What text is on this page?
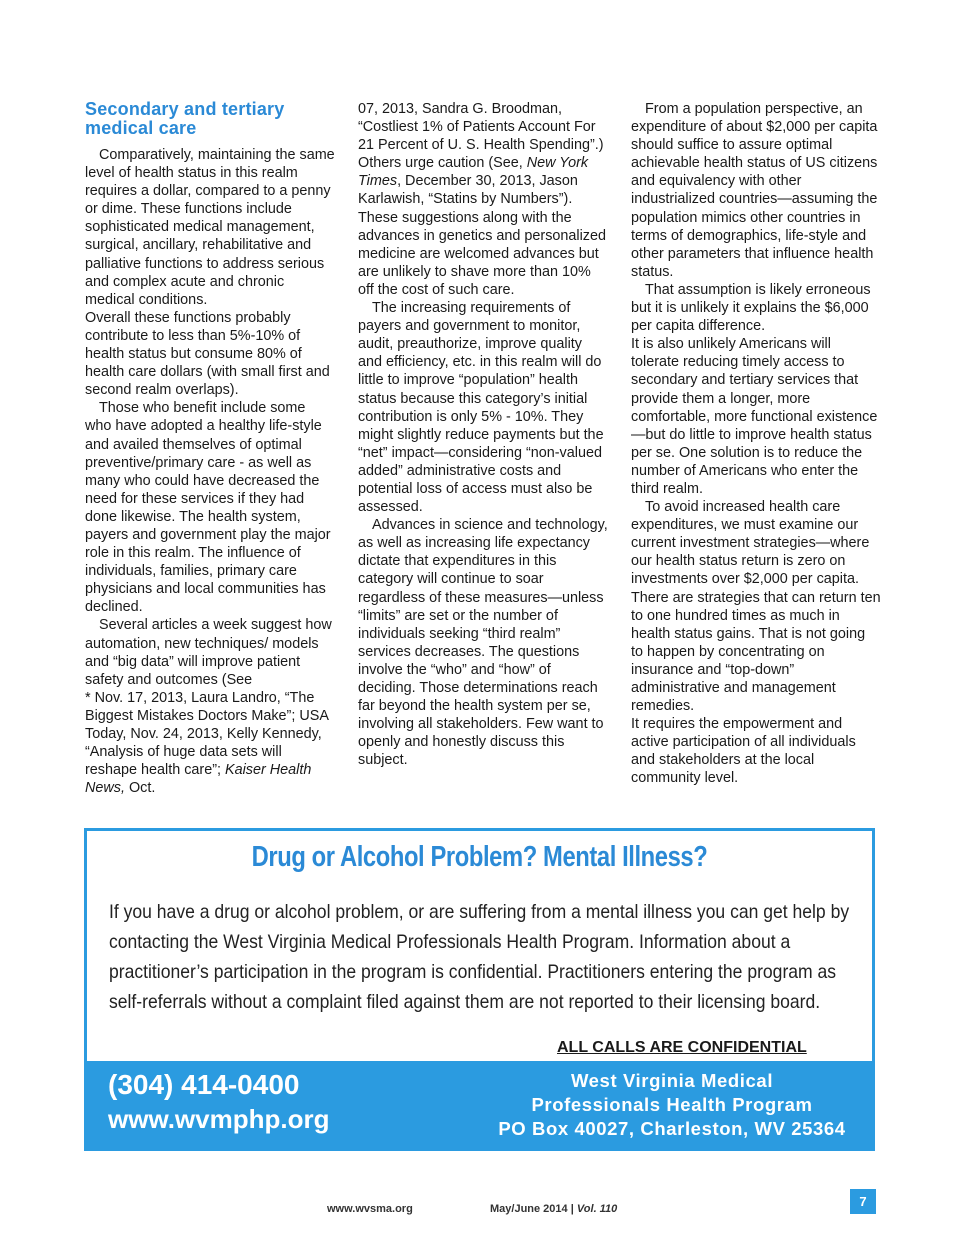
Secondary and tertiary medical care

Comparatively, maintaining the same level of health status in this realm requires a dollar, compared to a penny or dime. These functions include sophisticated medical management, surgical, ancillary, rehabilitative and palliative functions to address serious and complex acute and chronic medical conditions.

Overall these functions probably contribute to less than 5%-10% of health status but consume 80% of health care dollars (with small first and second realm overlaps).

Those who benefit include some who have adopted a healthy life-style and availed themselves of optimal preventive/primary care - as well as many who could have decreased the need for these services if they had done likewise. The health system, payers and government play the major role in this realm. The influence of individuals, families, primary care physicians and local communities has declined.

Several articles a week suggest how automation, new techniques/ models and “big data” will improve patient safety and outcomes (See

* Nov. 17, 2013, Laura Landro, “The Biggest Mistakes Doctors Make”; USA Today, Nov. 24, 2013, Kelly Kennedy, “Analysis of huge data sets will reshape health care”; Kaiser Health News, Oct.

07, 2013, Sandra G. Broodman, “Costliest 1% of Patients Account For 21 Percent of U. S. Health Spending”.) Others urge caution (See, New York Times, December 30, 2013, Jason Karlawish, “Statins by Numbers”). These suggestions along with the advances in genetics and personalized medicine are welcomed advances but are unlikely to shave more than 10% off the cost of such care.

The increasing requirements of payers and government to monitor, audit, preauthorize, improve quality and efficiency, etc. in this realm will do little to improve “population” health status because this category’s initial contribution is only 5% - 10%. They might slightly reduce payments but the “net” impact—considering “non-valued added” administrative costs and potential loss of access must also be assessed.

Advances in science and technology, as well as increasing life expectancy dictate that expenditures in this category will continue to soar regardless of these measures—unless “limits” are set or the number of individuals seeking “third realm” services decreases. The questions involve the “who” and “how” of deciding. Those determinations reach far beyond the health system per se, involving all stakeholders. Few want to openly and honestly discuss this subject.

From a population perspective, an expenditure of about $2,000 per capita should suffice to assure optimal achievable health status of US citizens and equivalency with other industrialized countries—assuming the population mimics other countries in terms of demographics, life-style and other parameters that influence health status.

That assumption is likely erroneous but it is unlikely it explains the $6,000 per capita difference.

It is also unlikely Americans will tolerate reducing timely access to secondary and tertiary services that provide them a longer, more comfortable, more functional existence—but do little to improve health status per se. One solution is to reduce the number of Americans who enter the third realm.

To avoid increased health care expenditures, we must examine our current investment strategies—where our health status return is zero on investments over $2,000 per capita. There are strategies that can return ten to one hundred times as much in health status gains. That is not going to happen by concentrating on insurance and “top-down” administrative and management remedies.

It requires the empowerment and active participation of all individuals and stakeholders at the local community level.

Drug or Alcohol Problem? Mental Illness?
If you have a drug or alcohol problem, or are suffering from a mental illness you can get help by contacting the West Virginia Medical Professionals Health Program. Information about a practitioner’s participation in the program is confidential. Practitioners entering the program as self-referrals without a complaint filed against them are not reported to their licensing board.
ALL CALLS ARE CONFIDENTIAL
(304) 414-0400
www.wvmphp.org
West Virginia Medical
Professionals Health Program
PO Box 40027, Charleston, WV 25364
www.wvsma.org	May/June 2014 | Vol. 110	7
